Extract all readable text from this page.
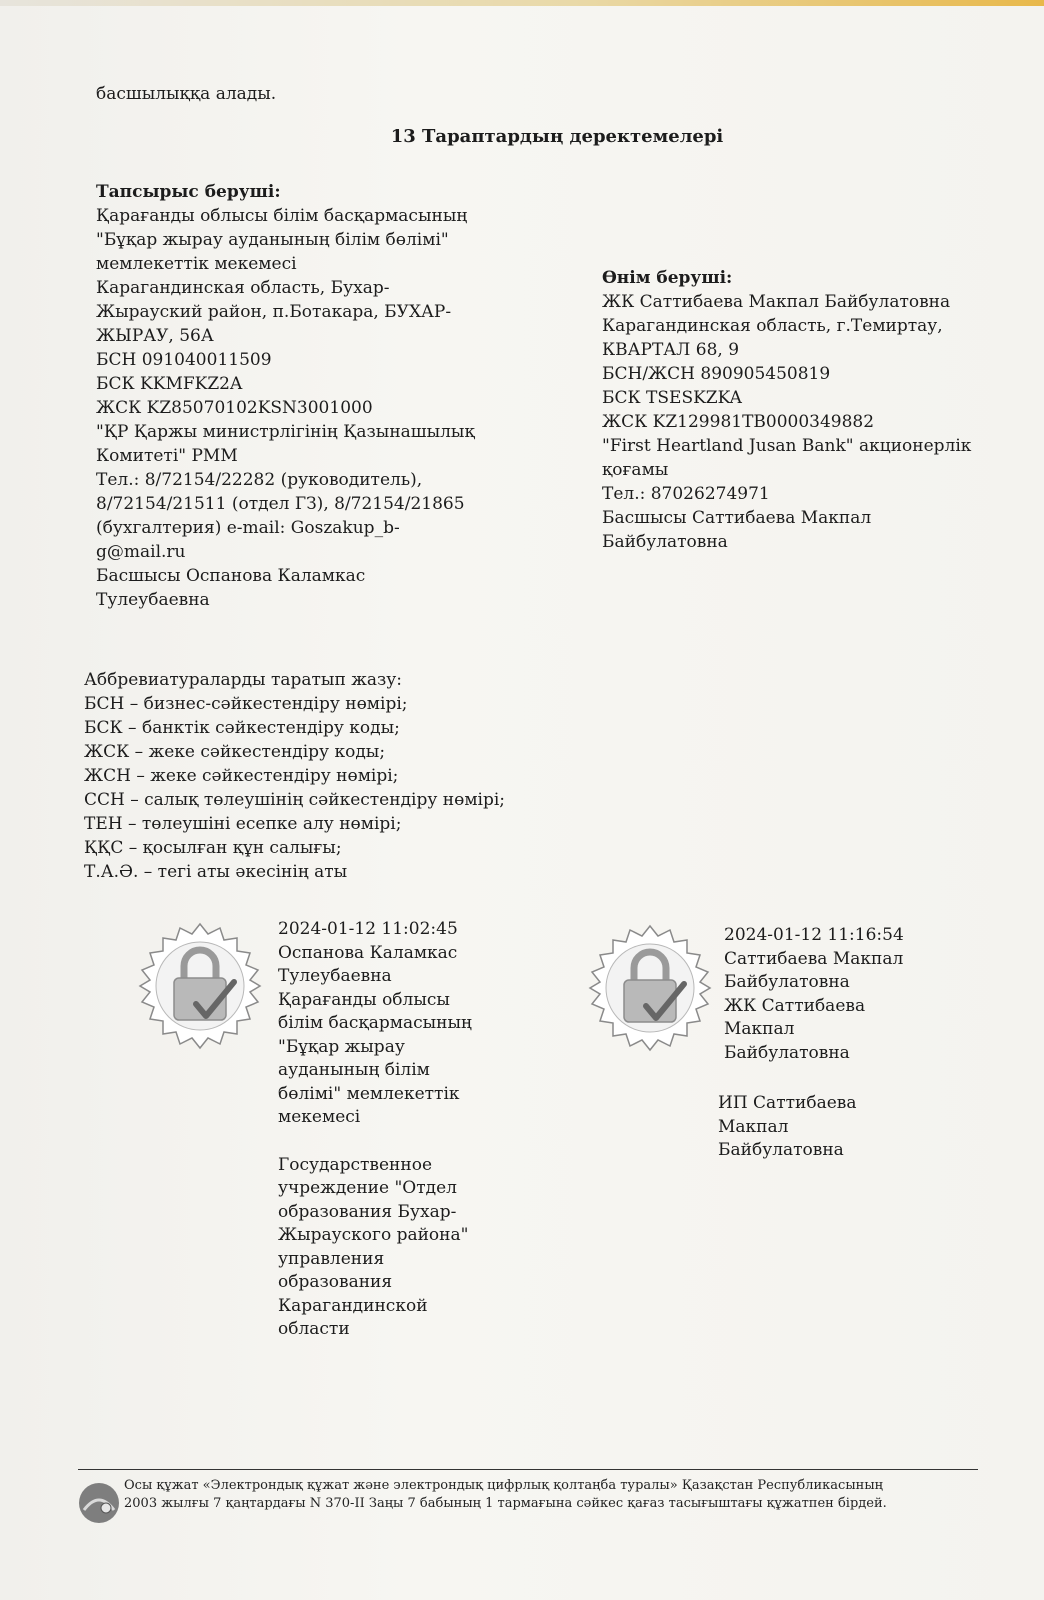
басшылыққа алады.
13 Тараптардың деректемелері
Тапсырыс беруші:
Қарағанды облысы білім басқармасының
"Бұқар жырау ауданының білім бөлімі"
мемлекеттік мекемесі
Карагандинская область, Бухар-
Жырауский район, п.Ботакара, БУХАР-
ЖЫРАУ, 56А
БСН 091040011509
БСК KKMFKZ2A
ЖСК KZ85070102KSN3001000
"ҚР Қаржы министрлігінің Қазынашылық
Комитеті" РММ
Тел.: 8/72154/22282 (руководитель),
8/72154/21511 (отдел ГЗ), 8/72154/21865
(бухгалтерия) e-mail: Goszakup_b-
g@mail.ru
Басшысы Оспанова Каламкас
Тулеубаевна
Өнім беруші:
ЖК Саттибаева Макпал Байбулатовна
Карагандинская область, г.Темиртау,
КВАРТАЛ 68, 9
БСН/ЖСН 890905450819
БСК TSESKZKA
ЖСК KZ129981TB0000349882
"First Heartland Jusan Bank" акционерлік
қоғамы
Тел.: 87026274971
Басшысы Саттибаева Макпал
Байбулатовна
Аббревиатураларды таратып жазу:
БСН – бизнес-сәйкестендіру нөмірі;
БСК – банктік сәйкестендіру коды;
ЖСК – жеке сәйкестендіру коды;
ЖСН – жеке сәйкестендіру нөмірі;
ССН – салық төлеушінің сәйкестендіру нөмірі;
ТЕН – төлеушіні есепке алу нөмірі;
ҚҚС – қосылған құн салығы;
Т.А.Ә. – тегі аты әкесінің аты
2024-01-12 11:02:45
Оспанова Каламкас
Тулеубаевна
Қарағанды облысы
білім басқармасының
"Бұқар жырау
ауданының білім
бөлімі" мемлекеттік
мекемесі
Государственное
учреждение "Отдел
образования Бухар-
Жырауского района"
управления
образования
Карагандинской
области
2024-01-12 11:16:54
Саттибаева Макпал
Байбулатовна
ЖК Саттибаева
Макпал
Байбулатовна
ИП Саттибаева
Макпал
Байбулатовна
Осы құжат «Электрондық құжат және электрондық цифрлық қолтаңба туралы» Қазақстан Республикасының 2003 жылғы 7 қаңтардағы N 370-II Заңы 7 бабының 1 тармағына сәйкес қағаз тасығыштағы құжатпен бірдей.
